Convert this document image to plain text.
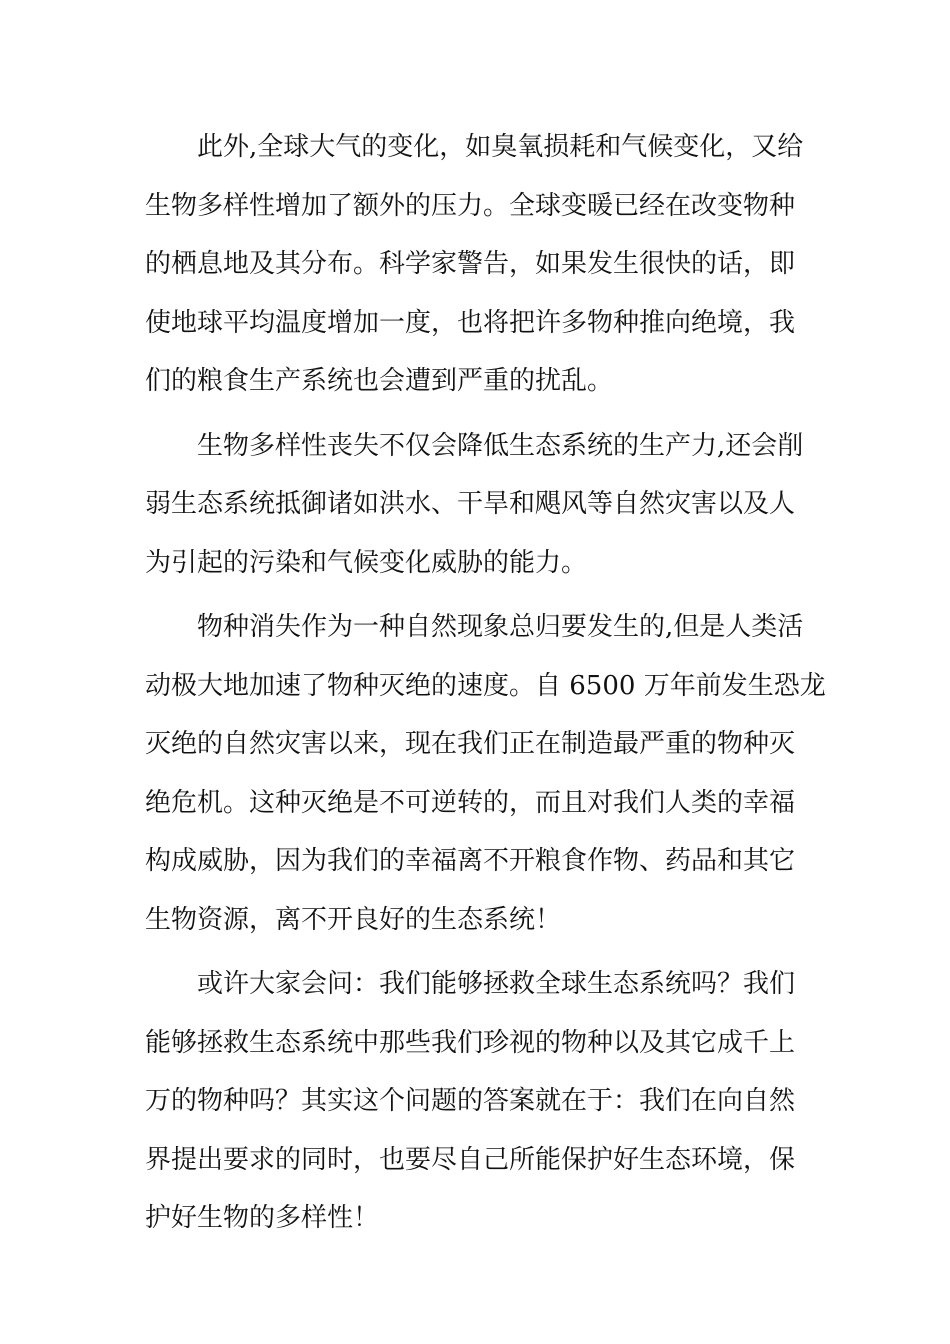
此外,全球大气的变化，如臭氧损耗和气候变化，又给
生物多样性增加了额外的压力。全球变暖已经在改变物种
的栖息地及其分布。科学家警告，如果发生很快的话，即
使地球平均温度增加一度，也将把许多物种推向绝境，我
们的粮食生产系统也会遭到严重的扰乱。
生物多样性丧失不仅会降低生态系统的生产力,还会削
弱生态系统抵御诸如洪水、干旱和飓风等自然灾害以及人
为引起的污染和气候变化威胁的能力。
物种消失作为一种自然现象总归要发生的,但是人类活
动极大地加速了物种灭绝的速度。自 6500 万年前发生恐龙
灭绝的自然灾害以来，现在我们正在制造最严重的物种灭
绝危机。这种灭绝是不可逆转的，而且对我们人类的幸福
构成威胁，因为我们的幸福离不开粮食作物、药品和其它
生物资源，离不开良好的生态系统！
或许大家会问：我们能够拯救全球生态系统吗？我们
能够拯救生态系统中那些我们珍视的物种以及其它成千上
万的物种吗？其实这个问题的答案就在于：我们在向自然
界提出要求的同时，也要尽自己所能保护好生态环境，保
护好生物的多样性！
